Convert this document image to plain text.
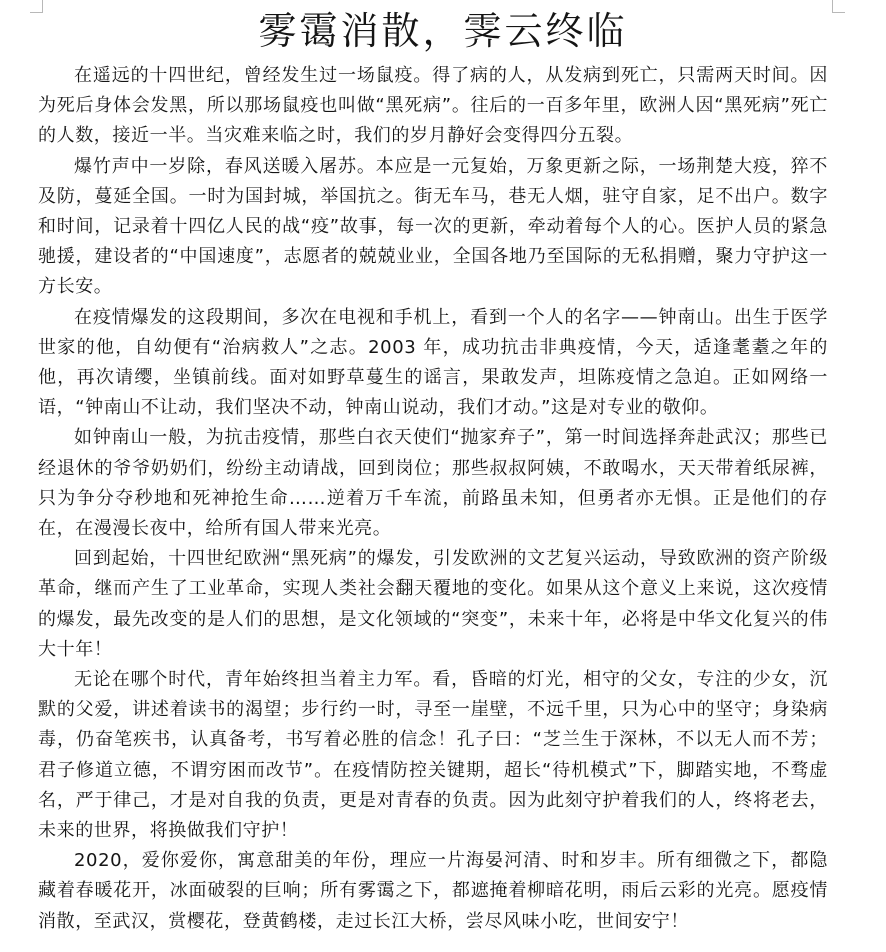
雾霭消散，霁云终临

在遥远的十四世纪，曾经发生过一场鼠疫。得了病的人，从发病到死亡，只需两天时间。因为死后身体会发黑，所以那场鼠疫也叫做“黑死病”。往后的一百多年里，欧洲人因“黑死病”死亡的人数，接近一半。当灾难来临之时，我们的岁月静好会变得四分五裂。

爆竹声中一岁除，春风送暖入屠苏。本应是一元复始，万象更新之际，一场荆楚大疫，猝不及防，蔓延全国。一时为国封城，举国抗之。街无车马，巷无人烟，驻守自家，足不出户。数字和时间，记录着十四亿人民的战“疫”故事，每一次的更新，牵动着每个人的心。医护人员的紧急驰援，建设者的“中国速度”，志愿者的兢兢业业，全国各地乃至国际的无私捐赠，聚力守护这一方长安。

在疫情爆发的这段期间，多次在电视和手机上，看到一个人的名字——钟南山。出生于医学世家的他，自幼便有“治病救人”之志。2003 年，成功抗击非典疫情，今天，适逢耄耋之年的他，再次请缨，坐镇前线。面对如野草蔓生的谣言，果敢发声，坦陈疫情之急迫。正如网络一语，“钟南山不让动，我们坚决不动，钟南山说动，我们才动。”这是对专业的敬仰。

如钟南山一般，为抗击疫情，那些白衣天使们“抛家弃子”，第一时间选择奔赴武汉；那些已经退休的爷爷奶奶们，纷纷主动请战，回到岗位；那些叔叔阿姨，不敢喝水，天天带着纸尿裤，只为争分夺秒地和死神抢生命……逆着万千车流，前路虽未知，但勇者亦无惧。正是他们的存在，在漫漫长夜中，给所有国人带来光亮。

回到起始，十四世纪欧洲“黑死病”的爆发，引发欧洲的文艺复兴运动，导致欧洲的资产阶级革命，继而产生了工业革命，实现人类社会翻天覆地的变化。如果从这个意义上来说，这次疫情的爆发，最先改变的是人们的思想，是文化领域的“突变”，未来十年，必将是中华文化复兴的伟大十年！

无论在哪个时代，青年始终担当着主力军。看，昏暗的灯光，相守的父女，专注的少女，沉默的父爱，讲述着读书的渴望；步行约一时，寻至一崖壁，不远千里，只为心中的坚守；身染病毒，仍奋笔疾书，认真备考，书写着必胜的信念！孔子曰：“芝兰生于深林，不以无人而不芳；君子修道立德，不谓穷困而改节”。在疫情防控关键期，超长“待机模式”下，脚踏实地，不骛虚名，严于律己，才是对自我的负责，更是对青春的负责。因为此刻守护着我们的人，终将老去，未来的世界，将换做我们守护！

2020，爱你爱你，寓意甜美的年份，理应一片海晏河清、时和岁丰。所有细微之下，都隐藏着春暖花开，冰面破裂的巨响；所有雾霭之下，都遮掩着柳暗花明，雨后云彩的光亮。愿疫情消散，至武汉，赏樱花，登黄鹤楼，走过长江大桥，尝尽风味小吃，世间安宁！
